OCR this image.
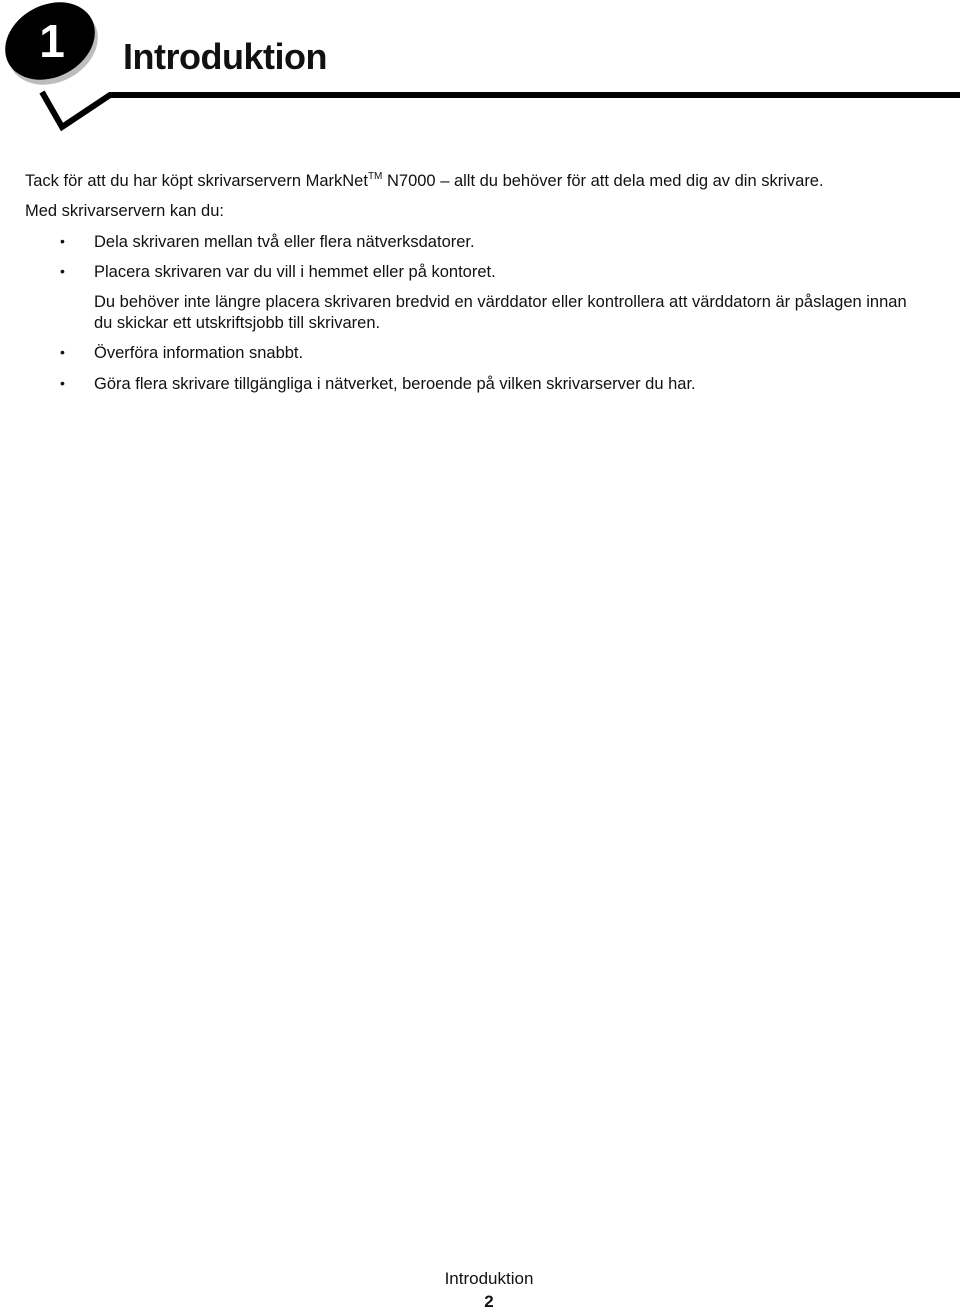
1 Introduktion
Tack för att du har köpt skrivarservern MarkNet™ N7000 – allt du behöver för att dela med dig av din skrivare.
Med skrivarservern kan du:
• Dela skrivaren mellan två eller flera nätverksdatorer.
• Placera skrivaren var du vill i hemmet eller på kontoret.
Du behöver inte längre placera skrivaren bredvid en värddator eller kontrollera att värddatorn är påslagen innan
du skickar ett utskriftsjobb till skrivaren.
• Överföra information snabbt.
• Göra flera skrivare tillgängliga i nätverket, beroende på vilken skrivarserver du har.
Introduktion
2
